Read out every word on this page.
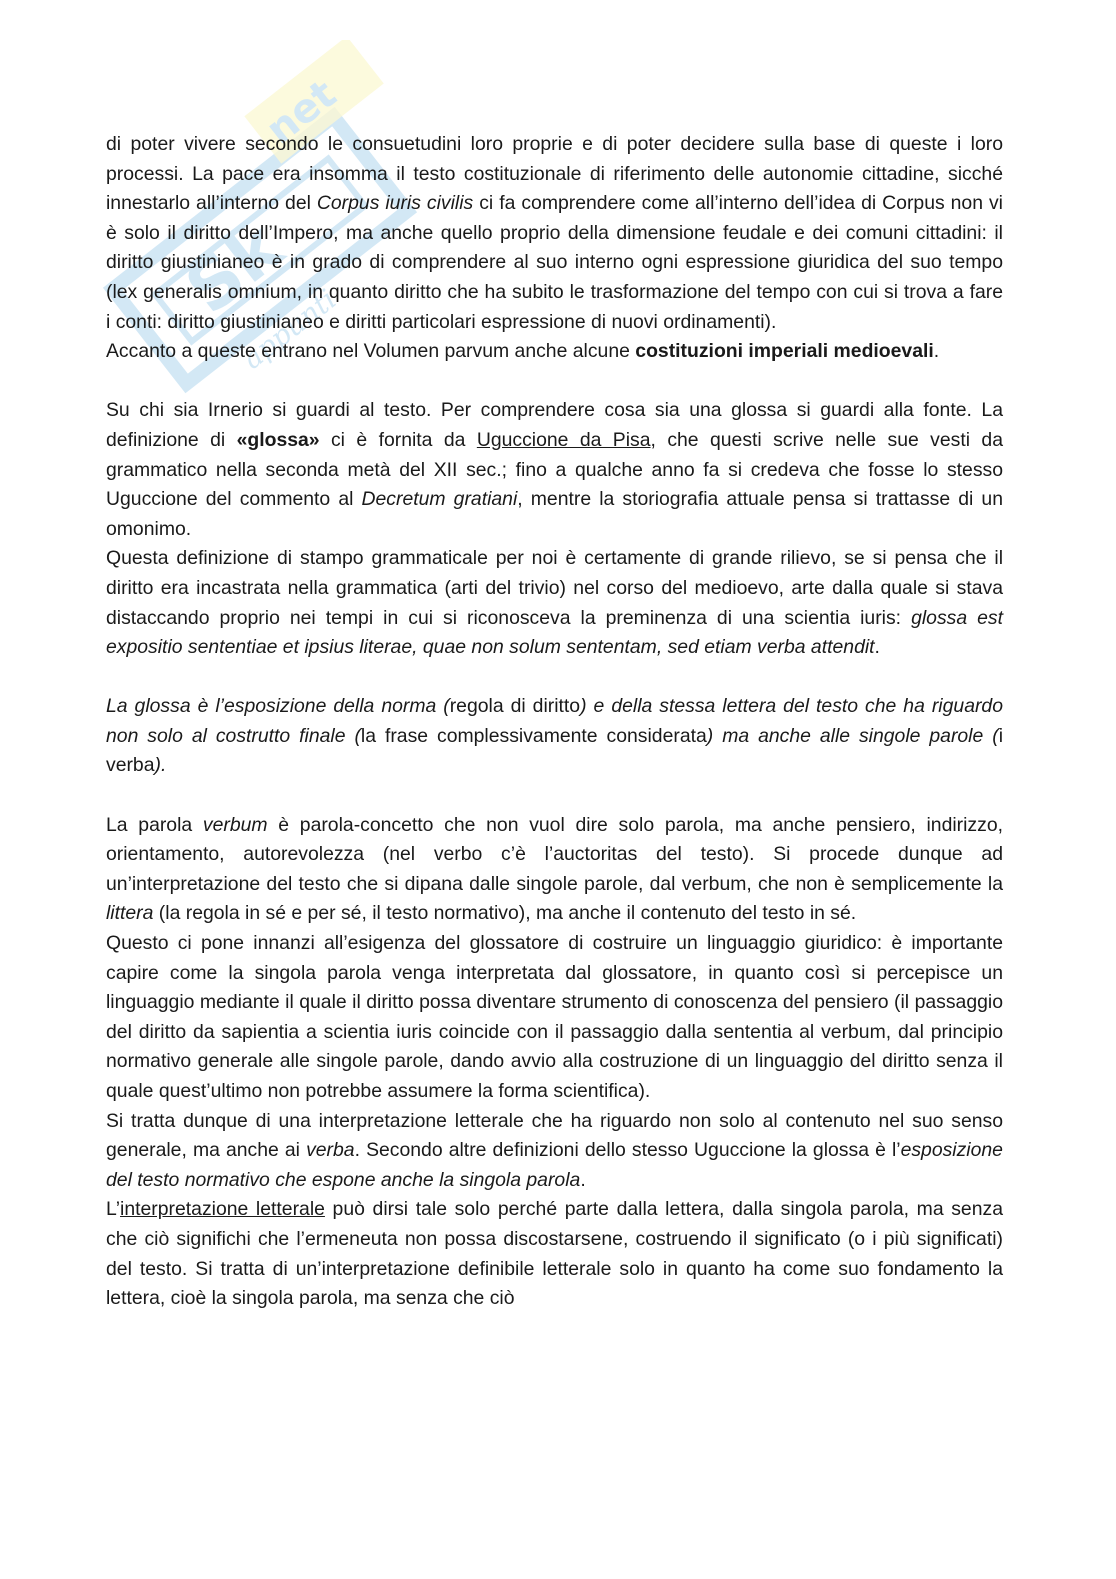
Sk
net
appunti

di poter vivere secondo le consuetudini loro proprie e di poter decidere sulla base di queste i loro processi. La pace era insomma il testo costituzionale di riferimento delle autonomie cittadine, sicché innestarlo all’interno del Corpus iuris civilis ci fa comprendere come all’interno dell’idea di Corpus non vi è solo il diritto dell’Impero, ma anche quello proprio della dimensione feudale e dei comuni cittadini: il diritto giustinianeo è in grado di comprendere al suo interno ogni espressione giuridica del suo tempo (lex generalis omnium, in quanto diritto che ha subito le trasformazione del tempo con cui si trova a fare i conti: diritto giustinianeo e diritti particolari espressione di nuovi ordinamenti).

Accanto a queste entrano nel Volumen parvum anche alcune costituzioni imperiali medioevali.

Su chi sia Irnerio si guardi al testo. Per comprendere cosa sia una glossa si guardi alla fonte. La definizione di «glossa» ci è fornita da Uguccione da Pisa, che questi scrive nelle sue vesti da grammatico nella seconda metà del XII sec.; fino a qualche anno fa si credeva che fosse lo stesso Uguccione del commento al Decretum gratiani, mentre la storiografia attuale pensa si trattasse di un omonimo.

Questa definizione di stampo grammaticale per noi è certamente di grande rilievo, se si pensa che il diritto era incastrata nella grammatica (arti del trivio) nel corso del medioevo, arte dalla quale si stava distaccando proprio nei tempi in cui si riconosceva la preminenza di una scientia iuris: glossa est expositio sententiae et ipsius literae, quae non solum sententam, sed etiam verba attendit.

La glossa è l’esposizione della norma (regola di diritto) e della stessa lettera del testo che ha riguardo non solo al costrutto finale (la frase complessivamente considerata) ma anche alle singole parole (i verba).

La parola verbum è parola-concetto che non vuol dire solo parola, ma anche pensiero, indirizzo, orientamento, autorevolezza (nel verbo c’è l’auctoritas del testo). Si procede dunque ad un’interpretazione del testo che si dipana dalle singole parole, dal verbum, che non è semplicemente la littera (la regola in sé e per sé, il testo normativo), ma anche il contenuto del testo in sé.

Questo ci pone innanzi all’esigenza del glossatore di costruire un linguaggio giuridico: è importante capire come la singola parola venga interpretata dal glossatore, in quanto così si percepisce un linguaggio mediante il quale il diritto possa diventare strumento di conoscenza del pensiero (il passaggio del diritto da sapientia a scientia iuris coincide con il passaggio dalla sententia al verbum, dal principio normativo generale alle singole parole, dando avvio alla costruzione di un linguaggio del diritto senza il quale quest’ultimo non potrebbe assumere la forma scientifica).

Si tratta dunque di una interpretazione letterale che ha riguardo non solo al contenuto nel suo senso generale, ma anche ai verba. Secondo altre definizioni dello stesso Uguccione la glossa è l’esposizione del testo normativo che espone anche la singola parola.

L’interpretazione letterale può dirsi tale solo perché parte dalla lettera, dalla singola parola, ma senza che ciò significhi che l’ermeneuta non possa discostarsene, costruendo il significato (o i più significati) del testo. Si tratta di un’interpretazione definibile letterale solo in quanto ha come suo fondamento la lettera, cioè la singola parola, ma senza che ciò
